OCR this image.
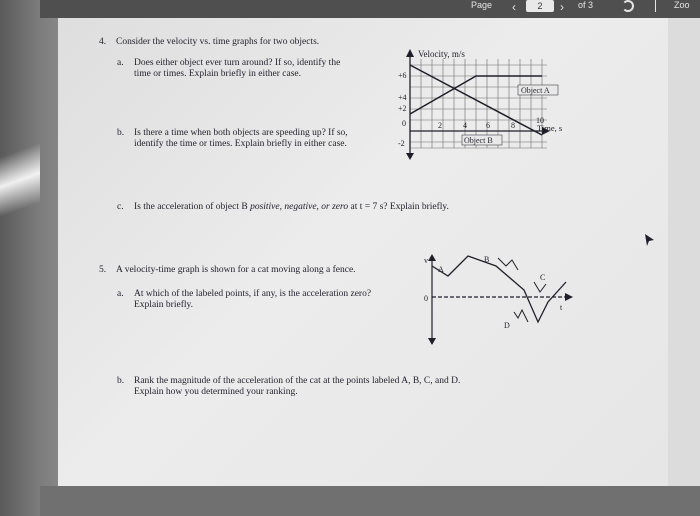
Page ‹	2	› of 3	Zoo
4. Consider the velocity vs. time graphs for two objects.
a. Does either object ever turn around? If so, identify the
time or times. Explain briefly in either case.
b. Is there a time when both objects are speeding up? If so,
identify the time or times. Explain briefly in either case.
c. Is the acceleration of object B positive, negative, or zero at t = 7 s? Explain briefly.
Velocity, m/s
Time, s
+6
+4
+2
0
-2
2	4 6	8
10
Object A
Object B
5. A velocity-time graph is shown for a cat moving along a fence.
a. At which of the labeled points, if any, is the acceleration zero?
Explain briefly.
b. Rank the magnitude of the acceleration of the cat at the points labeled A, B, C, and D.
Explain how you determined your ranking.
v
t
0
A
B
C
D
